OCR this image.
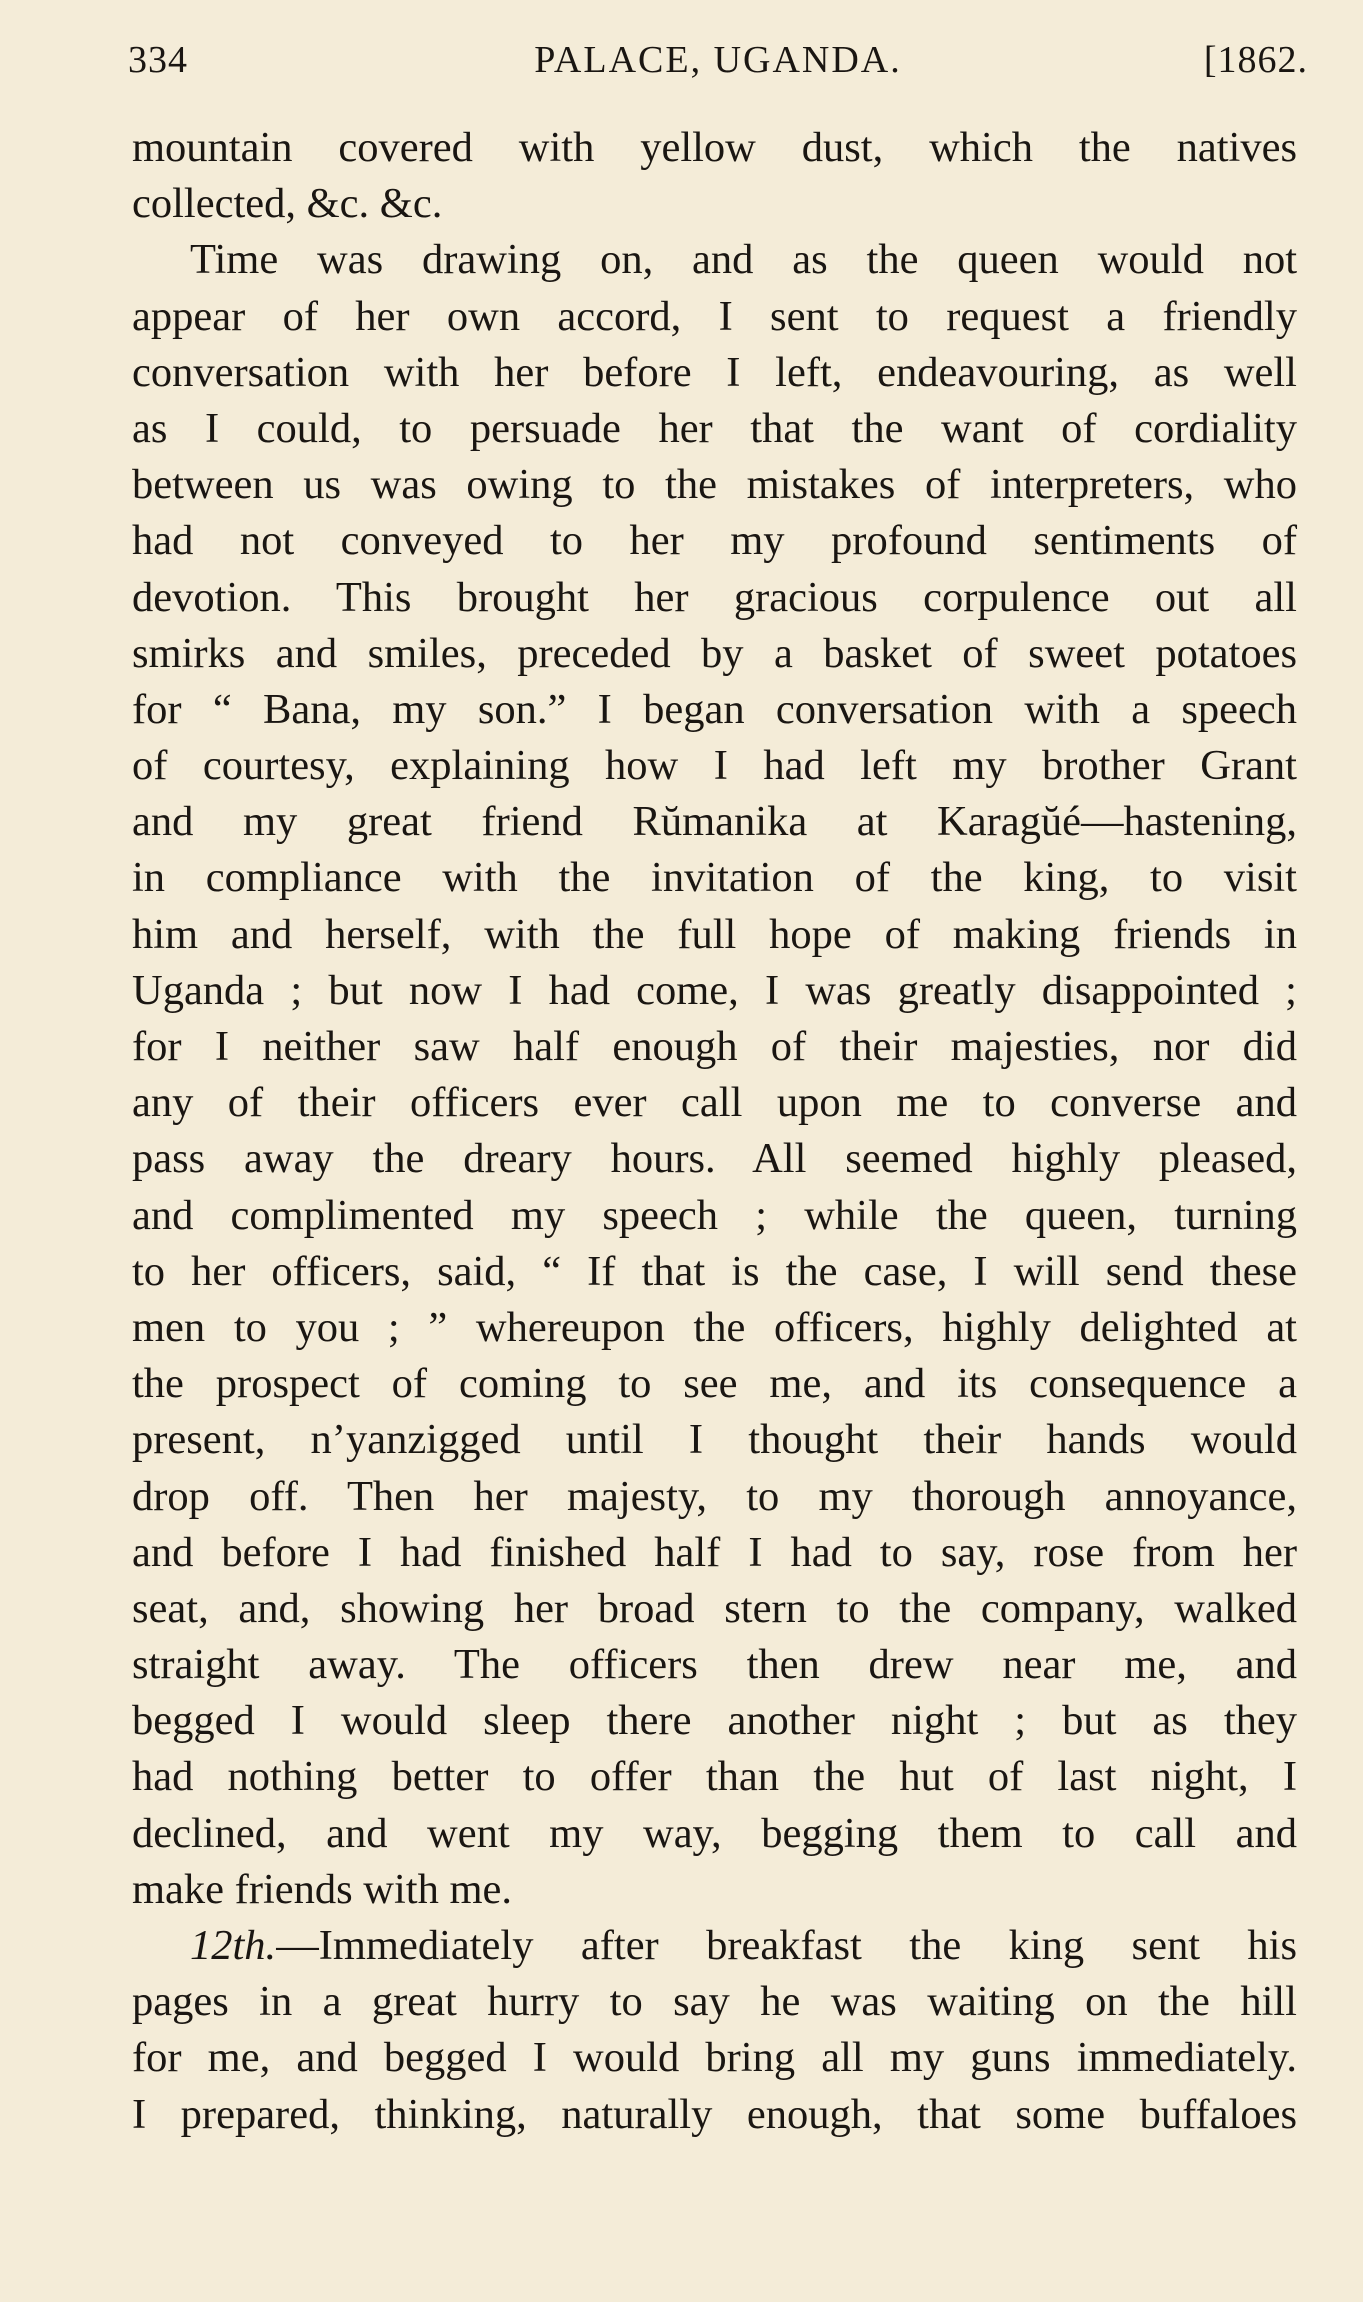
334	PALACE, UGANDA.	[1862.
mountain covered with yellow dust, which the natives
collected, &c. &c.
Time was drawing on, and as the queen would not
appear of her own accord, I sent to request a friendly
conversation with her before I left, endeavouring, as well
as I could, to persuade her that the want of cordiality
between us was owing to the mistakes of interpreters, who
had not conveyed to her my profound sentiments of
devotion. This brought her gracious corpulence out all
smirks and smiles, preceded by a basket of sweet potatoes
for “ Bana, my son.” I began conversation with a speech
of courtesy, explaining how I had left my brother Grant
and my great friend Rŭmanika at Karagŭé—hastening,
in compliance with the invitation of the king, to visit
him and herself, with the full hope of making friends in
Uganda ; but now I had come, I was greatly disappointed ;
for I neither saw half enough of their majesties, nor did
any of their officers ever call upon me to converse and
pass away the dreary hours. All seemed highly pleased,
and complimented my speech ; while the queen, turning
to her officers, said, “ If that is the case, I will send these
men to you ; ” whereupon the officers, highly delighted at
the prospect of coming to see me, and its consequence a
present, n’yanzigged until I thought their hands would
drop off. Then her majesty, to my thorough annoyance,
and before I had finished half I had to say, rose from her
seat, and, showing her broad stern to the company, walked
straight away. The officers then drew near me, and
begged I would sleep there another night ; but as they
had nothing better to offer than the hut of last night, I
declined, and went my way, begging them to call and
make friends with me.
12th.—Immediately after breakfast the king sent his
pages in a great hurry to say he was waiting on the hill
for me, and begged I would bring all my guns immediately.
I prepared, thinking, naturally enough, that some buffaloes
